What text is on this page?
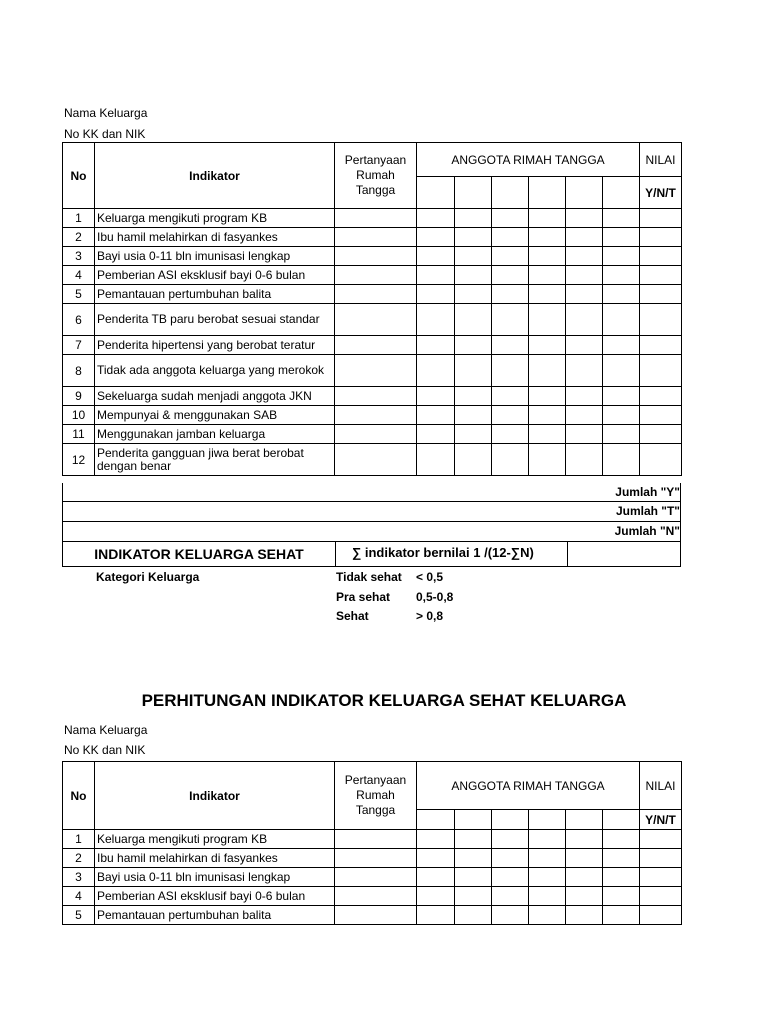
Nama Keluarga
No KK dan NIK
No	Indikator	Pertanyaan Rumah Tangga	ANGGOTA RIMAH TANGGA						NILAI
									Y/N/T
1	Keluarga mengikuti program KB								
2	Ibu hamil melahirkan di fasyankes								
3	Bayi usia 0-11 bln imunisasi lengkap								
4	Pemberian ASI eksklusif bayi 0-6 bulan								
5	Pemantauan pertumbuhan balita								
6	Penderita TB paru berobat sesuai standar								
7	Penderita hipertensi yang berobat teratur								
8	Tidak ada anggota keluarga yang merokok								
9	Sekeluarga sudah menjadi anggota JKN								
10	Mempunyai & menggunakan SAB								
11	Menggunakan jamban keluarga								
12	Penderita gangguan jiwa berat berobat dengan benar								
Jumlah "Y"
Jumlah "T"
Jumlah "N"
INDIKATOR KELUARGA SEHAT	∑ indikator bernilai 1 /(12-∑N)
Kategori Keluarga	Tidak sehat < 0,5
Pra sehat 0,5-0,8
Sehat	> 0,8
PERHITUNGAN INDIKATOR KELUARGA SEHAT KELUARGA
Nama Keluarga
No KK dan NIK
No	Indikator	Pertanyaan Rumah Tangga	ANGGOTA RIMAH TANGGA						NILAI
									Y/N/T
1	Keluarga mengikuti program KB								
2	Ibu hamil melahirkan di fasyankes								
3	Bayi usia 0-11 bln imunisasi lengkap								
4	Pemberian ASI eksklusif bayi 0-6 bulan								
5	Pemantauan pertumbuhan balita								
